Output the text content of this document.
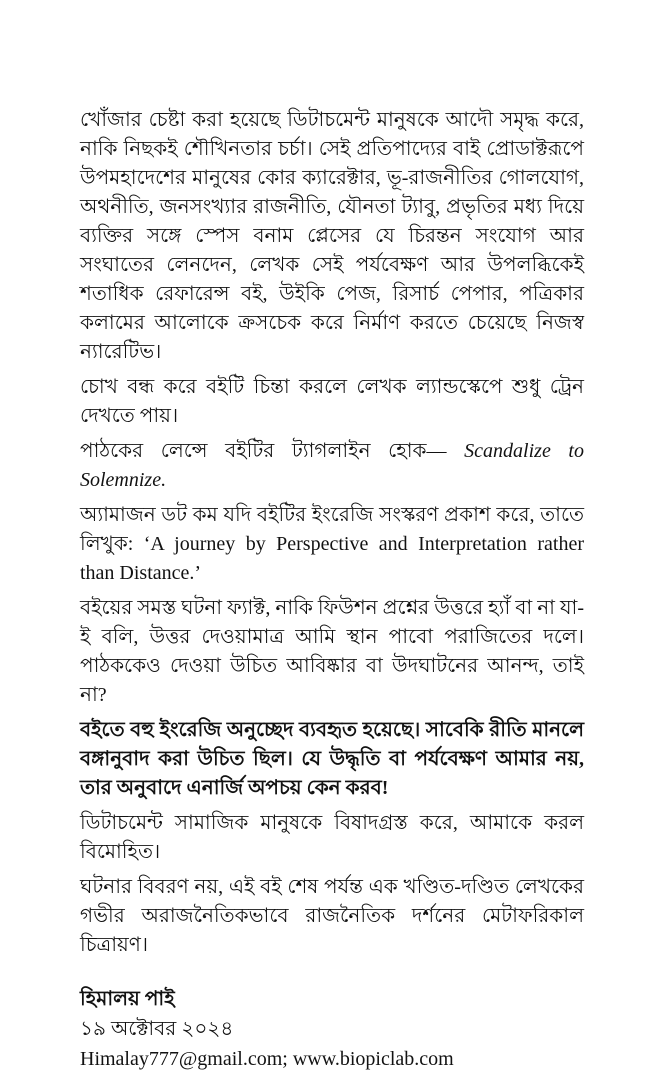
খোঁজার চেষ্টা করা হয়েছে ডিটাচমেন্ট মানুষকে আদৌ সমৃদ্ধ করে, নাকি নিছকই শৌখিনতার চর্চা। সেই প্রতিপাদ্যের বাই প্রোডাক্টরূপে উপমহাদেশের মানুষের কোর ক্যারেক্টার, ভূ-রাজনীতির গোলযোগ, অথনীতি, জনসংখ্যার রাজনীতি, যৌনতা ট্যাবু, প্রভৃতির মধ্য দিয়ে ব্যক্তির সঙ্গে স্পেস বনাম প্লেসের যে চিরন্তন সংযোগ আর সংঘাতের লেনদেন, লেখক সেই পর্যবেক্ষণ আর উপলব্ধিকেই শতাধিক রেফারেন্স বই, উইকি পেজ, রিসার্চ পেপার, পত্রিকার কলামের আলোকে ক্রসচেক করে নির্মাণ করতে চেয়েছে নিজস্ব ন্যারেটিভ।

চোখ বন্ধ করে বইটি চিন্তা করলে লেখক ল্যান্ডস্কেপে শুধু ট্রেন দেখতে পায়।

পাঠকের লেন্সে বইটির ট্যাগলাইন হোক— Scandalize to Solemnize.

অ্যামাজন ডট কম যদি বইটির ইংরেজি সংস্করণ প্রকাশ করে, তাতে লিখুক: ‘A journey by Perspective and Interpretation rather than Distance.’

বইয়ের সমস্ত ঘটনা ফ্যাক্ট, নাকি ফিউশন প্রশ্নের উত্তরে হ্যাঁ বা না যা-ই বলি, উত্তর দেওয়ামাত্র আমি স্থান পাবো পরাজিতের দলে। পাঠককেও দেওয়া উচিত আবিষ্কার বা উদঘাটনের আনন্দ, তাই না?

বইতে বহু ইংরেজি অনুচ্ছেদ ব্যবহৃত হয়েছে। সাবেকি রীতি মানলে বঙ্গানুবাদ করা উচিত ছিল। যে উদ্ধৃতি বা পর্যবেক্ষণ আমার নয়, তার অনুবাদে এনার্জি অপচয় কেন করব!

ডিটাচমেন্ট সামাজিক মানুষকে বিষাদগ্রস্ত করে, আমাকে করল বিমোহিত।

ঘটনার বিবরণ নয়, এই বই শেষ পর্যন্ত এক খণ্ডিত-দণ্ডিত লেখকের গভীর অরাজনৈতিকভাবে রাজনৈতিক দর্শনের মেটাফরিকাল চিত্রায়ণ।

হিমালয় পাই
১৯ অক্টোবর ২০২৪
Himalay777@gmail.com; www.biopiclab.com
